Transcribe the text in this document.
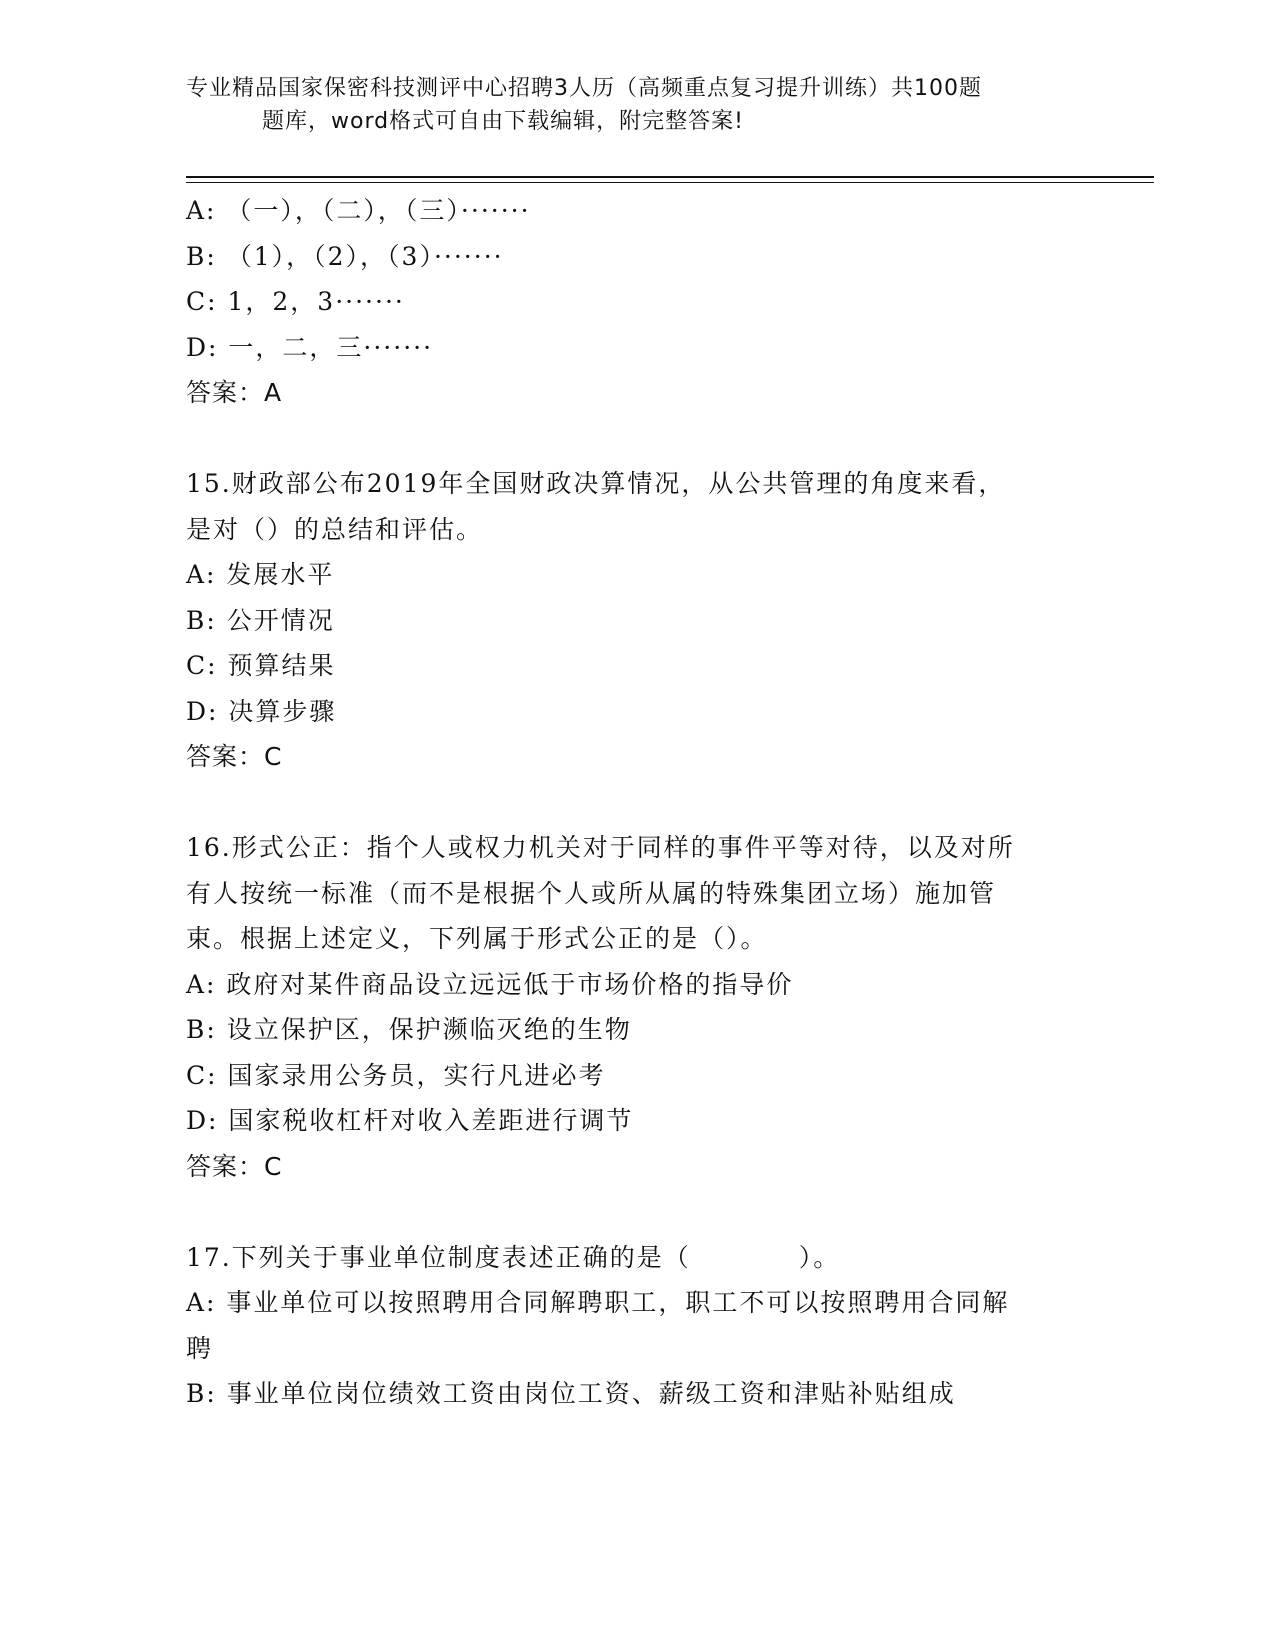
专业精品国家保密科技测评中心招聘3人历（高频重点复习提升训练）共100题
题库，word格式可自由下载编辑，附完整答案!
A: （一），（二），（三）·······
B: （1），（2），（3）·······
C: 1，2，3·······
D: 一，二，三·······
答案：A
15.财政部公布2019年全国财政决算情况，从公共管理的角度来看，
是对（）的总结和评估。
A: 发展水平
B: 公开情况
C: 预算结果
D: 决算步骤
答案：C
16.形式公正：指个人或权力机关对于同样的事件平等对待，以及对所
有人按统一标准（而不是根据个人或所从属的特殊集团立场）施加管
束。根据上述定义，下列属于形式公正的是（）。
A: 政府对某件商品设立远远低于市场价格的指导价
B: 设立保护区，保护濒临灭绝的生物
C: 国家录用公务员，实行凡进必考
D: 国家税收杠杆对收入差距进行调节
答案：C
17.下列关于事业单位制度表述正确的是（　　　　）。
A: 事业单位可以按照聘用合同解聘职工，职工不可以按照聘用合同解
聘
B: 事业单位岗位绩效工资由岗位工资、薪级工资和津贴补贴组成
